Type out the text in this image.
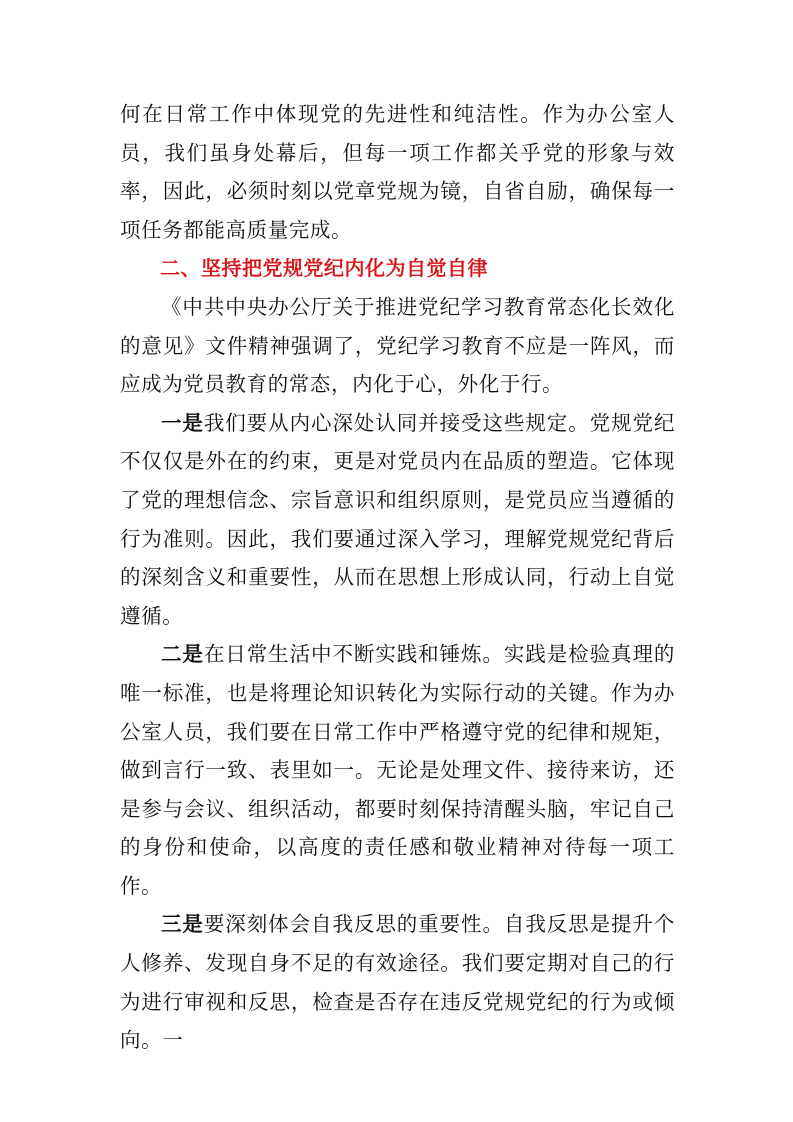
何在日常工作中体现党的先进性和纯洁性。作为办公室人员，我们虽身处幕后，但每一项工作都关乎党的形象与效率，因此，必须时刻以党章党规为镜，自省自励，确保每一项任务都能高质量完成。

二、坚持把党规党纪内化为自觉自律

《中共中央办公厅关于推进党纪学习教育常态化长效化的意见》文件精神强调了，党纪学习教育不应是一阵风，而应成为党员教育的常态，内化于心，外化于行。

一是我们要从内心深处认同并接受这些规定。党规党纪不仅仅是外在的约束，更是对党员内在品质的塑造。它体现了党的理想信念、宗旨意识和组织原则，是党员应当遵循的行为准则。因此，我们要通过深入学习，理解党规党纪背后的深刻含义和重要性，从而在思想上形成认同，行动上自觉遵循。

二是在日常生活中不断实践和锤炼。实践是检验真理的唯一标准，也是将理论知识转化为实际行动的关键。作为办公室人员，我们要在日常工作中严格遵守党的纪律和规矩，做到言行一致、表里如一。无论是处理文件、接待来访，还是参与会议、组织活动，都要时刻保持清醒头脑，牢记自己的身份和使命，以高度的责任感和敬业精神对待每一项工作。

三是要深刻体会自我反思的重要性。自我反思是提升个人修养、发现自身不足的有效途径。我们要定期对自己的行为进行审视和反思，检查是否存在违反党规党纪的行为或倾向。一
